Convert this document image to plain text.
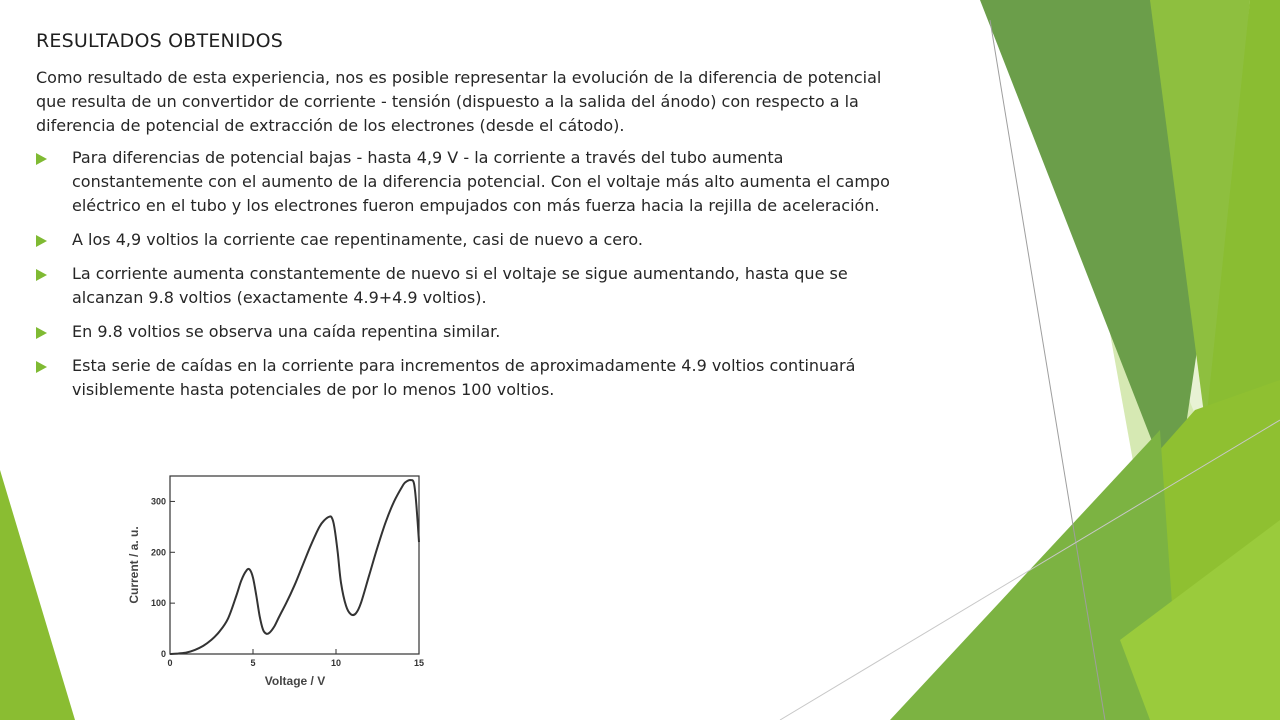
RESULTADOS OBTENIDOS

Como resultado de esta experiencia, nos es posible representar la evolución de la diferencia de potencial que resulta de un convertidor de corriente - tensión (dispuesto a la salida del ánodo) con respecto a la diferencia de potencial de extracción de los electrones (desde el cátodo).

Para diferencias de potencial bajas - hasta 4,9 V - la corriente a través del tubo aumenta constantemente con el aumento de la diferencia potencial. Con el voltaje más alto aumenta el campo eléctrico en el tubo y los electrones fueron empujados con más fuerza hacia la rejilla de aceleración.
A los 4,9 voltios la corriente cae repentinamente, casi de nuevo a cero.
La corriente aumenta constantemente de nuevo si el voltaje se sigue aumentando, hasta que se alcanzan 9.8 voltios (exactamente 4.9+4.9 voltios).
En 9.8 voltios se observa una caída repentina similar.
Esta serie de caídas en la corriente para incrementos de aproximadamente 4.9 voltios continuará visiblemente hasta potenciales de por lo menos 100 voltios.
0	5	10	15
0
100
200
300
Voltage / V
Current / a. u.
